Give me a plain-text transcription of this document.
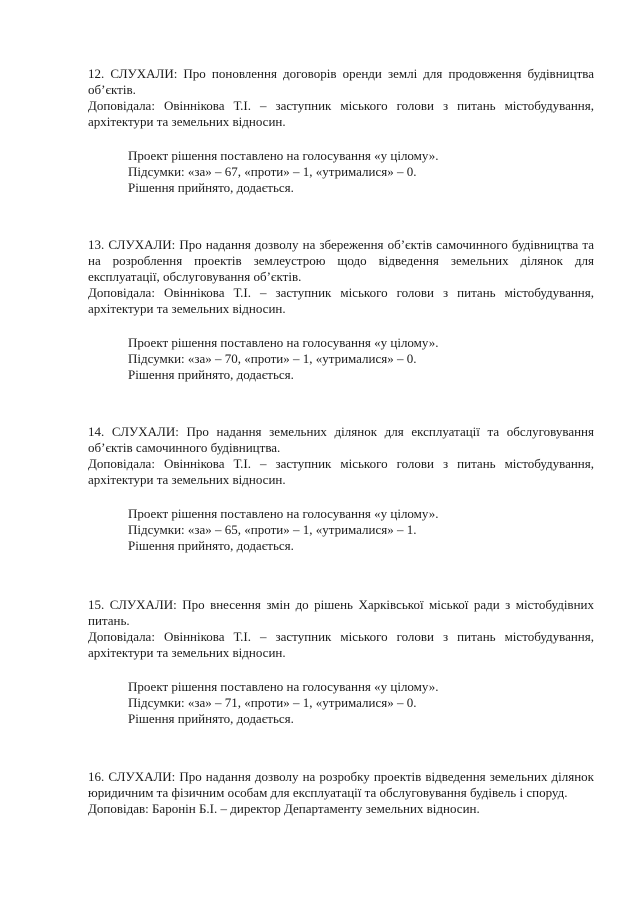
12. СЛУХАЛИ: Про поновлення договорів оренди землі для продовження будівництва об’єктів.

Доповідала: Овіннікова Т.І. – заступник міського голови з питань містобудування, архітектури та земельних відносин.

Проект рішення поставлено на голосування «у цілому».
Підсумки: «за» – 67, «проти» – 1, «утрималися» – 0.
Рішення прийнято, додається.

13. СЛУХАЛИ: Про надання дозволу на збереження об’єктів самочинного будівництва та на розроблення проектів землеустрою щодо відведення земельних ділянок для експлуатації, обслуговування об’єктів.

Доповідала: Овіннікова Т.І. – заступник міського голови з питань містобудування, архітектури та земельних відносин.

Проект рішення поставлено на голосування «у цілому».
Підсумки: «за» – 70, «проти» – 1, «утрималися» – 0.
Рішення прийнято, додається.

14. СЛУХАЛИ: Про надання земельних ділянок для експлуатації та обслуговування об’єктів самочинного будівництва.

Доповідала: Овіннікова Т.І. – заступник міського голови з питань містобудування, архітектури та земельних відносин.

Проект рішення поставлено на голосування «у цілому».
Підсумки: «за» – 65, «проти» – 1, «утрималися» – 1.
Рішення прийнято, додається.

15. СЛУХАЛИ: Про внесення змін до рішень Харківської міської ради з містобудівних питань.

Доповідала: Овіннікова Т.І. – заступник міського голови з питань містобудування, архітектури та земельних відносин.

Проект рішення поставлено на голосування «у цілому».
Підсумки: «за» – 71, «проти» – 1, «утрималися» – 0.
Рішення прийнято, додається.

16. СЛУХАЛИ: Про надання дозволу на розробку проектів відведення земельних ділянок юридичним та фізичним особам для експлуатації та обслуговування будівель і споруд.

Доповідав: Баронін Б.І. – директор Департаменту земельних відносин.
